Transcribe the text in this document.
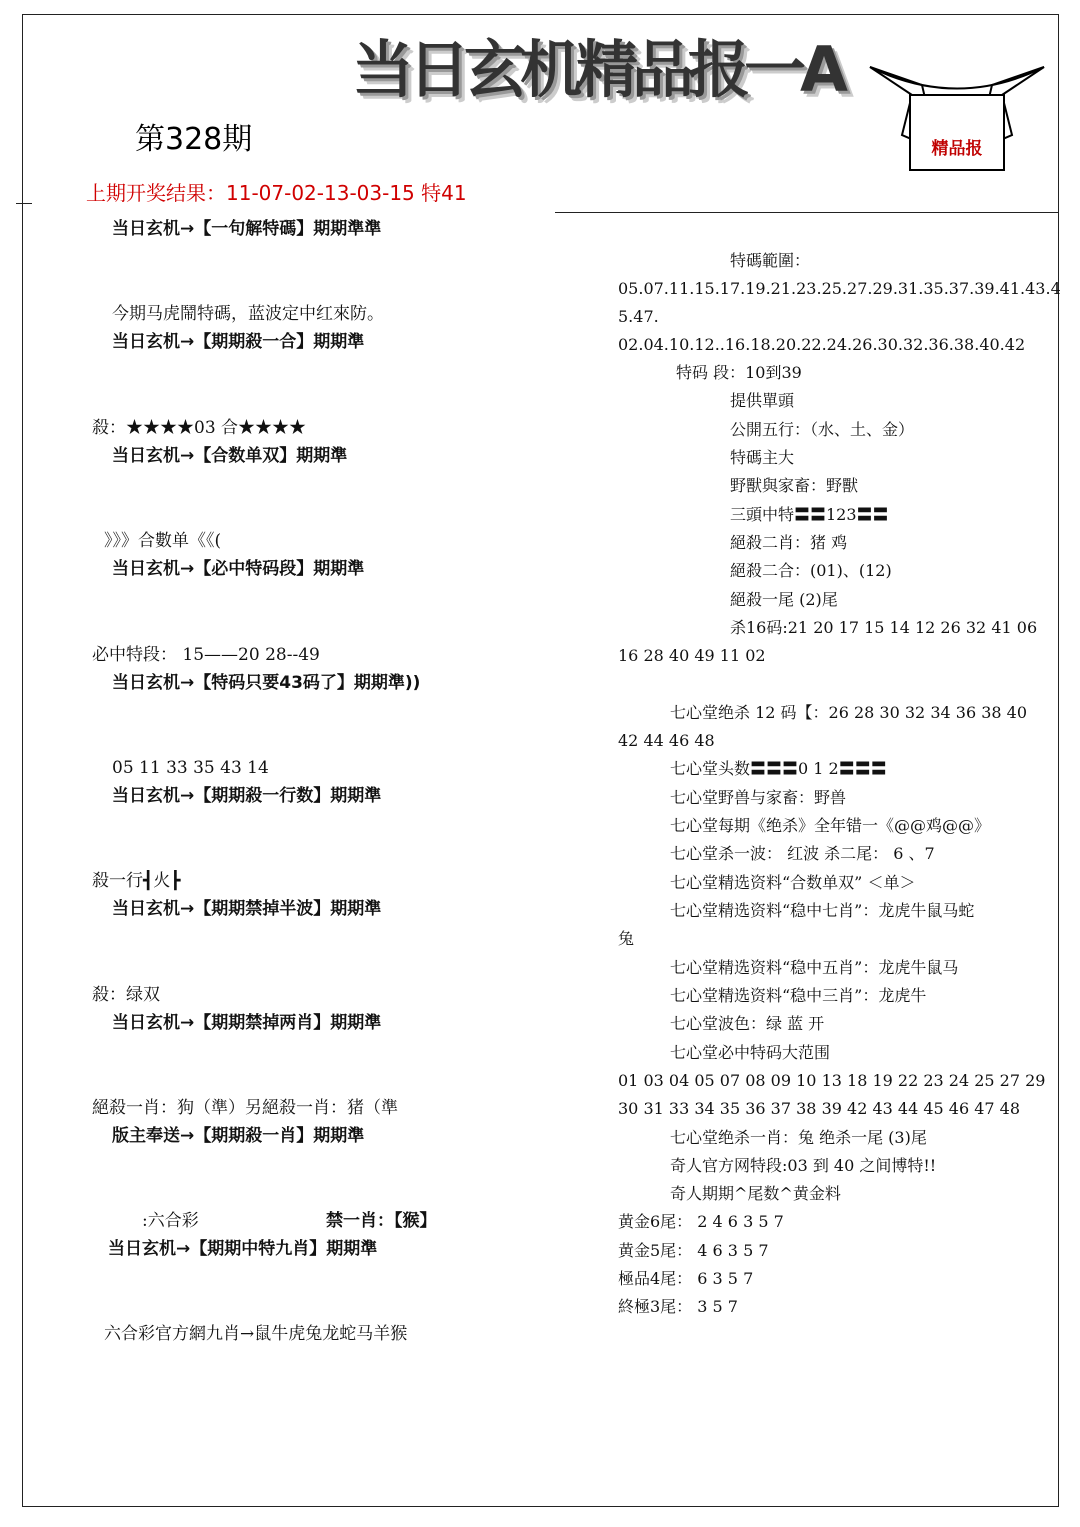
当日玄机精品报一A
精品报
第328期
上期开奖结果：11-07-02-13-03-15 特41
当日玄机→【一句解特碼】期期準準
今期马虎鬧特碼，蓝波定中红來防。
当日玄机→【期期殺一合】期期準
殺：★★★★03 合★★★★
当日玄机→【合数单双】期期準
》》》合數单《《(
当日玄机→【必中特码段】期期準
必中特段： 15——20 28--49
当日玄机→【特码只要43码了】期期準))
05 11 33 35 43 14
当日玄机→【期期殺一行数】期期準
殺一行┫火┣
当日玄机→【期期禁掉半波】期期準
殺：绿双
当日玄机→【期期禁掉两肖】期期準
絕殺一肖：狗（準）另絕殺一肖：猪（準
版主奉送→【期期殺一肖】期期準
:六合彩	禁一肖：【猴】
当日玄机→【期期中特九肖】期期準
六合彩官方網九肖→鼠牛虎兔龙蛇马羊猴
特碼範圍：
05.07.11.15.17.19.21.23.25.27.29.31.35.37.39.41.43.4
5.47.
02.04.10.12..16.18.20.22.24.26.30.32.36.38.40.42
特码 段：10到39
提供單頭
公開五行：（水、土、金）
特碼主大
野獸與家畜：野獸
三頭中特〓〓123〓〓
絕殺二肖：猪 鸡
絕殺二合：(01)、(12)
絕殺一尾 (2)尾
杀16码:21 20 17 15 14 12 26 32 41 06
16 28 40 49 11 02
七心堂绝杀 12 码【：26 28 30 32 34 36 38 40
42 44 46 48
七心堂头数〓〓〓0 1 2〓〓〓
七心堂野兽与家畜：野兽
七心堂每期《绝杀》全年错一《@@鸡@@》
七心堂杀一波： 红波 杀二尾： 6 、7
七心堂精选资料“合数单双” ＜单＞
七心堂精选资料“稳中七肖”：龙虎牛鼠马蛇
兔
七心堂精选资料“稳中五肖”：龙虎牛鼠马
七心堂精选资料“稳中三肖”：龙虎牛
七心堂波色：绿 蓝 开
七心堂必中特码大范围
01 03 04 05 07 08 09 10 13 18 19 22 23 24 25 27 29
30 31 33 34 35 36 37 38 39 42 43 44 45 46 47 48
七心堂绝杀一肖：兔 绝杀一尾 (3)尾
奇人官方网特段:03 到 40 之间博特!!
奇人期期^尾数^黄金料
黄金6尾： 2 4 6 3 5 7
黄金5尾： 4 6 3 5 7
極品4尾： 6 3 5 7
終極3尾： 3 5 7
